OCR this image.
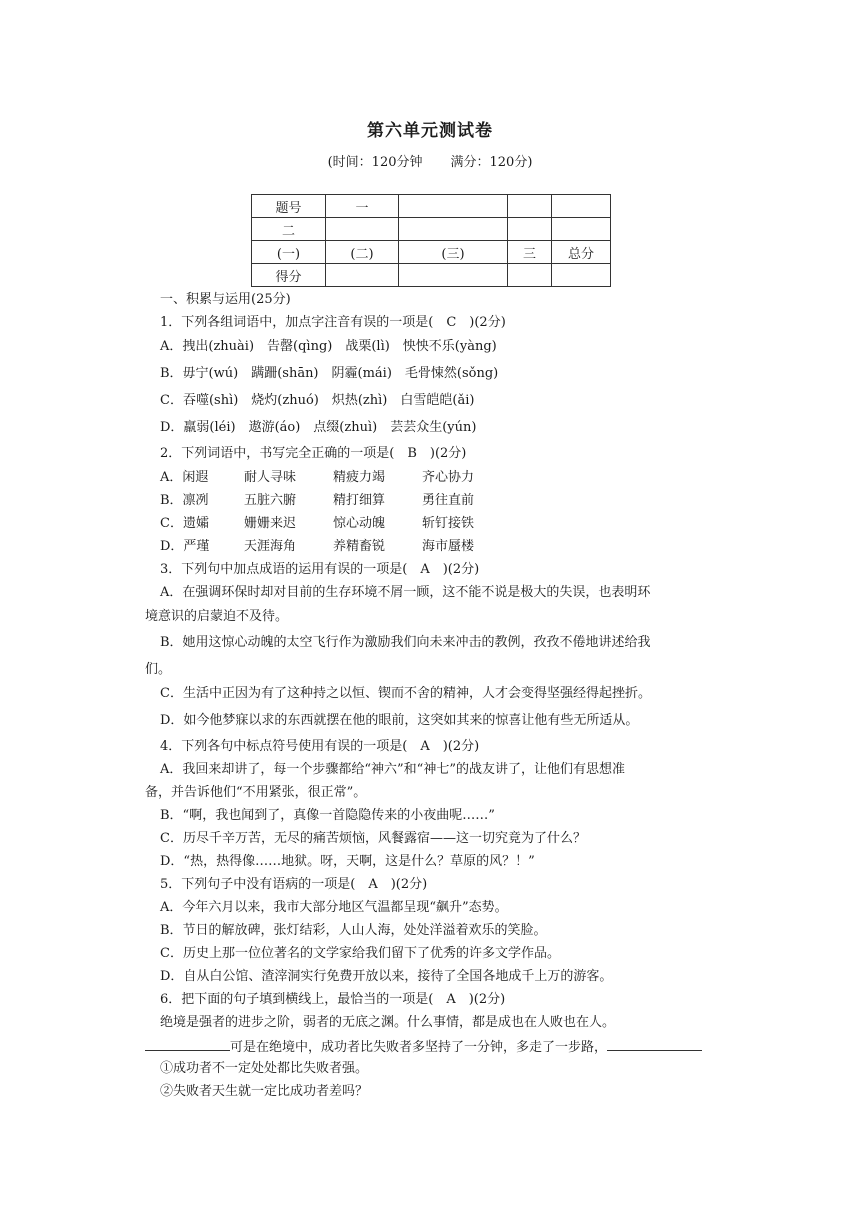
第六单元测试卷
(时间：120分钟 满分：120分)
题号	一			
二				
(一)	(二)	(三)	三	总分
得分				
一、积累与运用(25分)
1．下列各组词语中，加点字注音有误的一项是(　C　)(2分)
A．拽出(zhuài)　告罄(qìng)　战栗(lì)　怏怏不乐(yàng)
B．毋宁(wú)　蹒跚(shān)　阴霾(mái)　毛骨悚然(sǒng)
C．吞噬(shì)　烧灼(zhuó)　炽热(zhì)　白雪皑皑(ǎi)
D．羸弱(léi)　遨游(áo)　点缀(zhuì)　芸芸众生(yún)
2．下列词语中，书写完全正确的一项是(　B　)(2分)
A．闲遐	耐人寻味	精疲力竭	齐心协力
B．凛冽	五脏六腑	精打细算	勇往直前
C．遗孀	姗姗来迟	惊心动魄	斩钉接铁
D．严瑾	天涯海角	养精畜锐	海市蜃楼
3．下列句中加点成语的运用有误的一项是(　A　)(2分)
A．在强调环保时却对目前的生存环境不屑一顾，这不能不说是极大的失误，也表明环
境意识的启蒙迫不及待。
B．她用这惊心动魄的太空飞行作为激励我们向未来冲击的教例，孜孜不倦地讲述给我
们。
C．生活中正因为有了这种持之以恒、锲而不舍的精神，人才会变得坚强经得起挫折。
D．如今他梦寐以求的东西就摆在他的眼前，这突如其来的惊喜让他有些无所适从。
4．下列各句中标点符号使用有误的一项是(　A　)(2分)
A．我回来却讲了，每一个步骤都给“神六”和“神七”的战友讲了，让他们有思想准
备，并告诉他们“不用紧张，很正常”。
B．“啊，我也闻到了，真像一首隐隐传来的小夜曲呢……”
C．历尽千辛万苦，无尽的痛苦烦恼，风餐露宿——这一切究竟为了什么？
D．“热，热得像……地狱。呀，天啊，这是什么？草原的风？！”
5．下列句子中没有语病的一项是(　A　)(2分)
A．今年六月以来，我市大部分地区气温都呈现“飙升”态势。
B．节日的解放碑，张灯结彩，人山人海，处处洋溢着欢乐的笑脸。
C．历史上那一位位著名的文学家给我们留下了优秀的许多文学作品。
D．自从白公馆、渣滓洞实行免费开放以来，接待了全国各地成千上万的游客。
6．把下面的句子填到横线上，最恰当的一项是(　A　)(2分)
绝境是强者的进步之阶，弱者的无底之渊。什么事情，都是成也在人败也在人。
可是在绝境中，成功者比失败者多坚持了一分钟，多走了一步路，
①成功者不一定处处都比失败者强。
②失败者天生就一定比成功者差吗？
